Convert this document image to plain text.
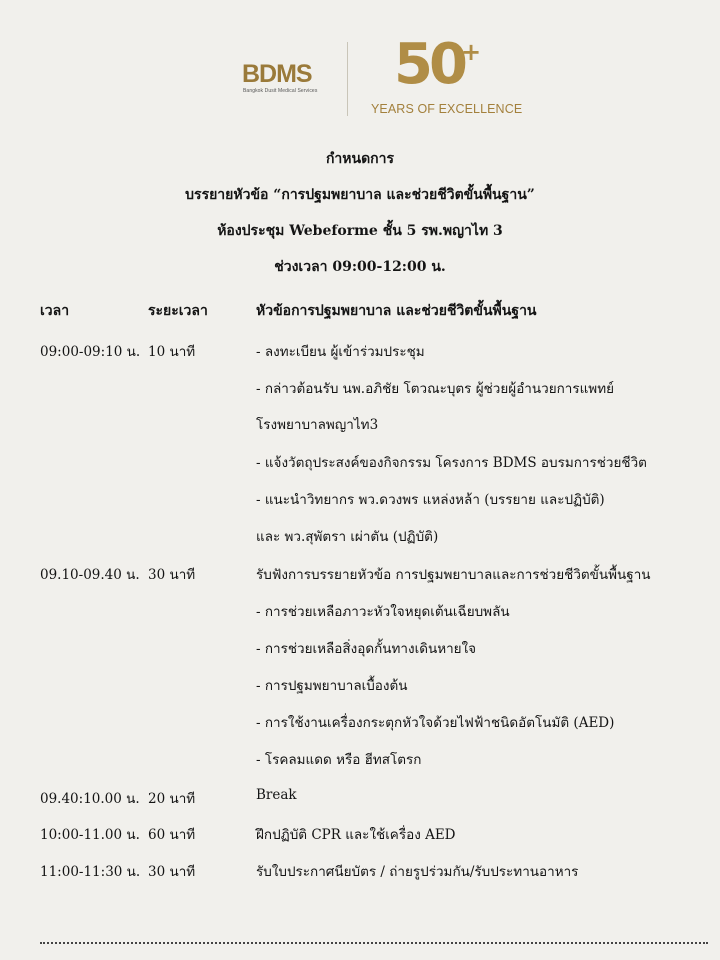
BDMS
Bangkok Dusit Medical Services 50
+
YEARS OF EXCELLENCE
กำหนดการ
บรรยายหัวข้อ “การปฐมพยาบาล และช่วยชีวิตขั้นพื้นฐาน”
ห้องประชุม Webeforme ชั้น 5 รพ.พญาไท 3
ช่วงเวลา 09:00-12:00 น.
เวลา	ระยะเวลา	หัวข้อการปฐมพยาบาล และช่วยชีวิตขั้นพื้นฐาน
09:00-09:10 น. 10 นาที	- ลงทะเบียน ผู้เข้าร่วมประชุม
- กล่าวต้อนรับ นพ.อภิชัย โตวณะบุตร ผู้ช่วยผู้อำนวยการแพทย์
โรงพยาบาลพญาไท3
- แจ้งวัตถุประสงค์ของกิจกรรม โครงการ BDMS อบรมการช่วยชีวิต
- แนะนำวิทยากร พว.ดวงพร แหล่งหล้า (บรรยาย และปฏิบัติ)
และ พว.สุพัตรา เผ่าตัน (ปฏิบัติ)
09.10-09.40 น. 30 นาที	รับฟังการบรรยายหัวข้อ การปฐมพยาบาลและการช่วยชีวิตขั้นพื้นฐาน
- การช่วยเหลือภาวะหัวใจหยุดเต้นเฉียบพลัน
- การช่วยเหลือสิ่งอุดกั้นทางเดินหายใจ
- การปฐมพยาบาลเบื้องต้น
- การใช้งานเครื่องกระตุกหัวใจด้วยไฟฟ้าชนิดอัตโนมัติ (AED)
- โรคลมแดด หรือ ฮีทสโตรก
09.40:10.00 น. 20 นาที	Break
10:00-11.00 น. 60 นาที	ฝึกปฏิบัติ CPR และใช้เครื่อง AED
11:00-11:30 น. 30 นาที	รับใบประกาศนียบัตร / ถ่ายรูปร่วมกัน/รับประทานอาหาร
